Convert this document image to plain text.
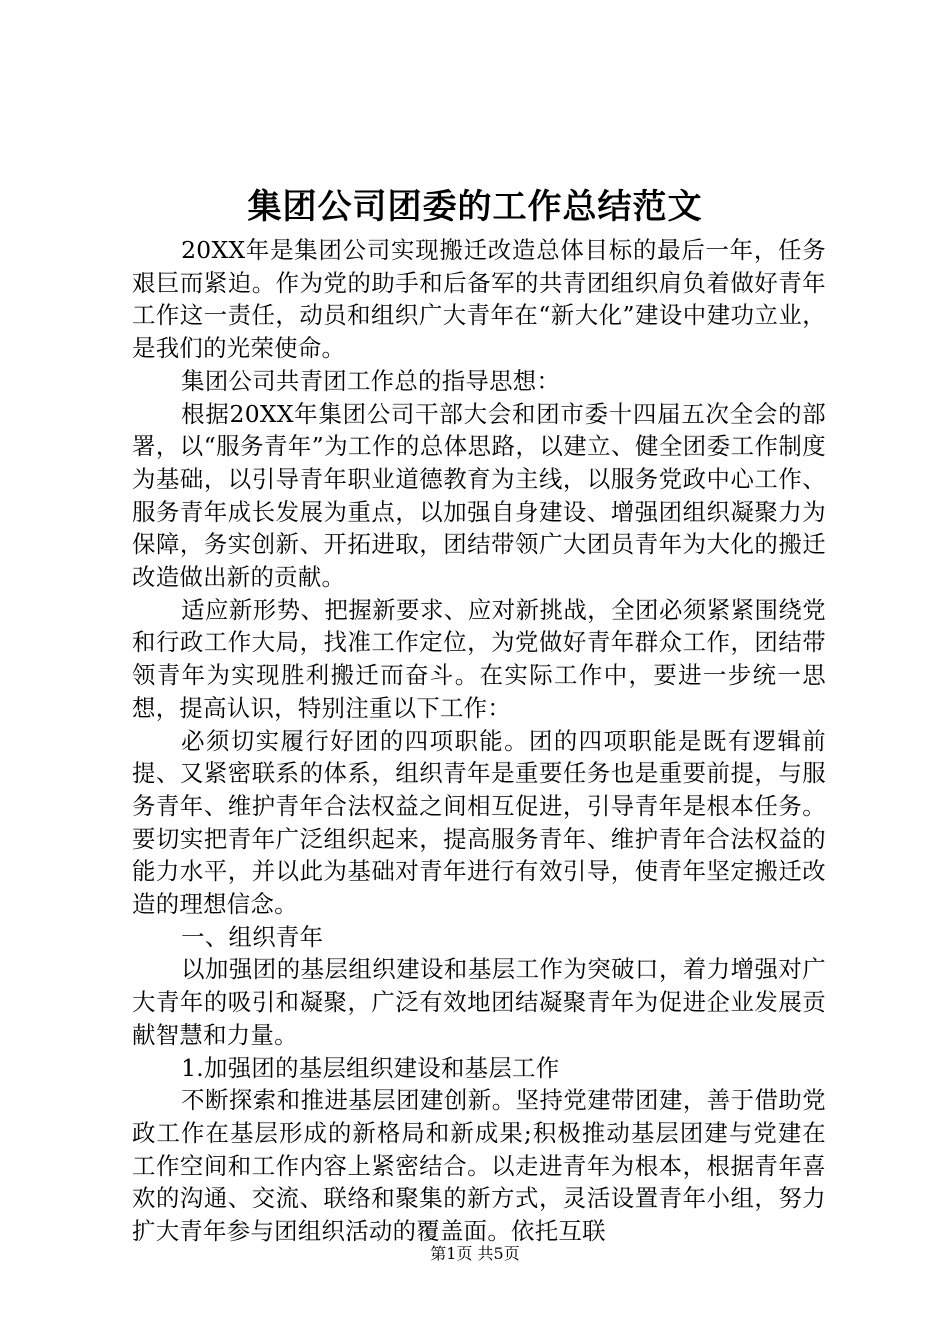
集团公司团委的工作总结范文

20XX年是集团公司实现搬迁改造总体目标的最后一年，任务艰巨而紧迫。作为党的助手和后备军的共青团组织肩负着做好青年工作这一责任，动员和组织广大青年在“新大化”建设中建功立业，是我们的光荣使命。

集团公司共青团工作总的指导思想：

根据20XX年集团公司干部大会和团市委十四届五次全会的部署，以“服务青年”为工作的总体思路，以建立、健全团委工作制度为基础，以引导青年职业道德教育为主线，以服务党政中心工作、服务青年成长发展为重点，以加强自身建设、增强团组织凝聚力为保障，务实创新、开拓进取，团结带领广大团员青年为大化的搬迁改造做出新的贡献。

适应新形势、把握新要求、应对新挑战，全团必须紧紧围绕党和行政工作大局，找准工作定位，为党做好青年群众工作，团结带领青年为实现胜利搬迁而奋斗。在实际工作中，要进一步统一思想，提高认识，特别注重以下工作：

必须切实履行好团的四项职能。团的四项职能是既有逻辑前提、又紧密联系的体系，组织青年是重要任务也是重要前提，与服务青年、维护青年合法权益之间相互促进，引导青年是根本任务。要切实把青年广泛组织起来，提高服务青年、维护青年合法权益的能力水平，并以此为基础对青年进行有效引导，使青年坚定搬迁改造的理想信念。

一、组织青年

以加强团的基层组织建设和基层工作为突破口，着力增强对广大青年的吸引和凝聚，广泛有效地团结凝聚青年为促进企业发展贡献智慧和力量。

1.加强团的基层组织建设和基层工作

不断探索和推进基层团建创新。坚持党建带团建，善于借助党政工作在基层形成的新格局和新成果;积极推动基层团建与党建在工作空间和工作内容上紧密结合。以走进青年为根本，根据青年喜欢的沟通、交流、联络和聚集的新方式，灵活设置青年小组，努力扩大青年参与团组织活动的覆盖面。依托互联

第1页 共5页
